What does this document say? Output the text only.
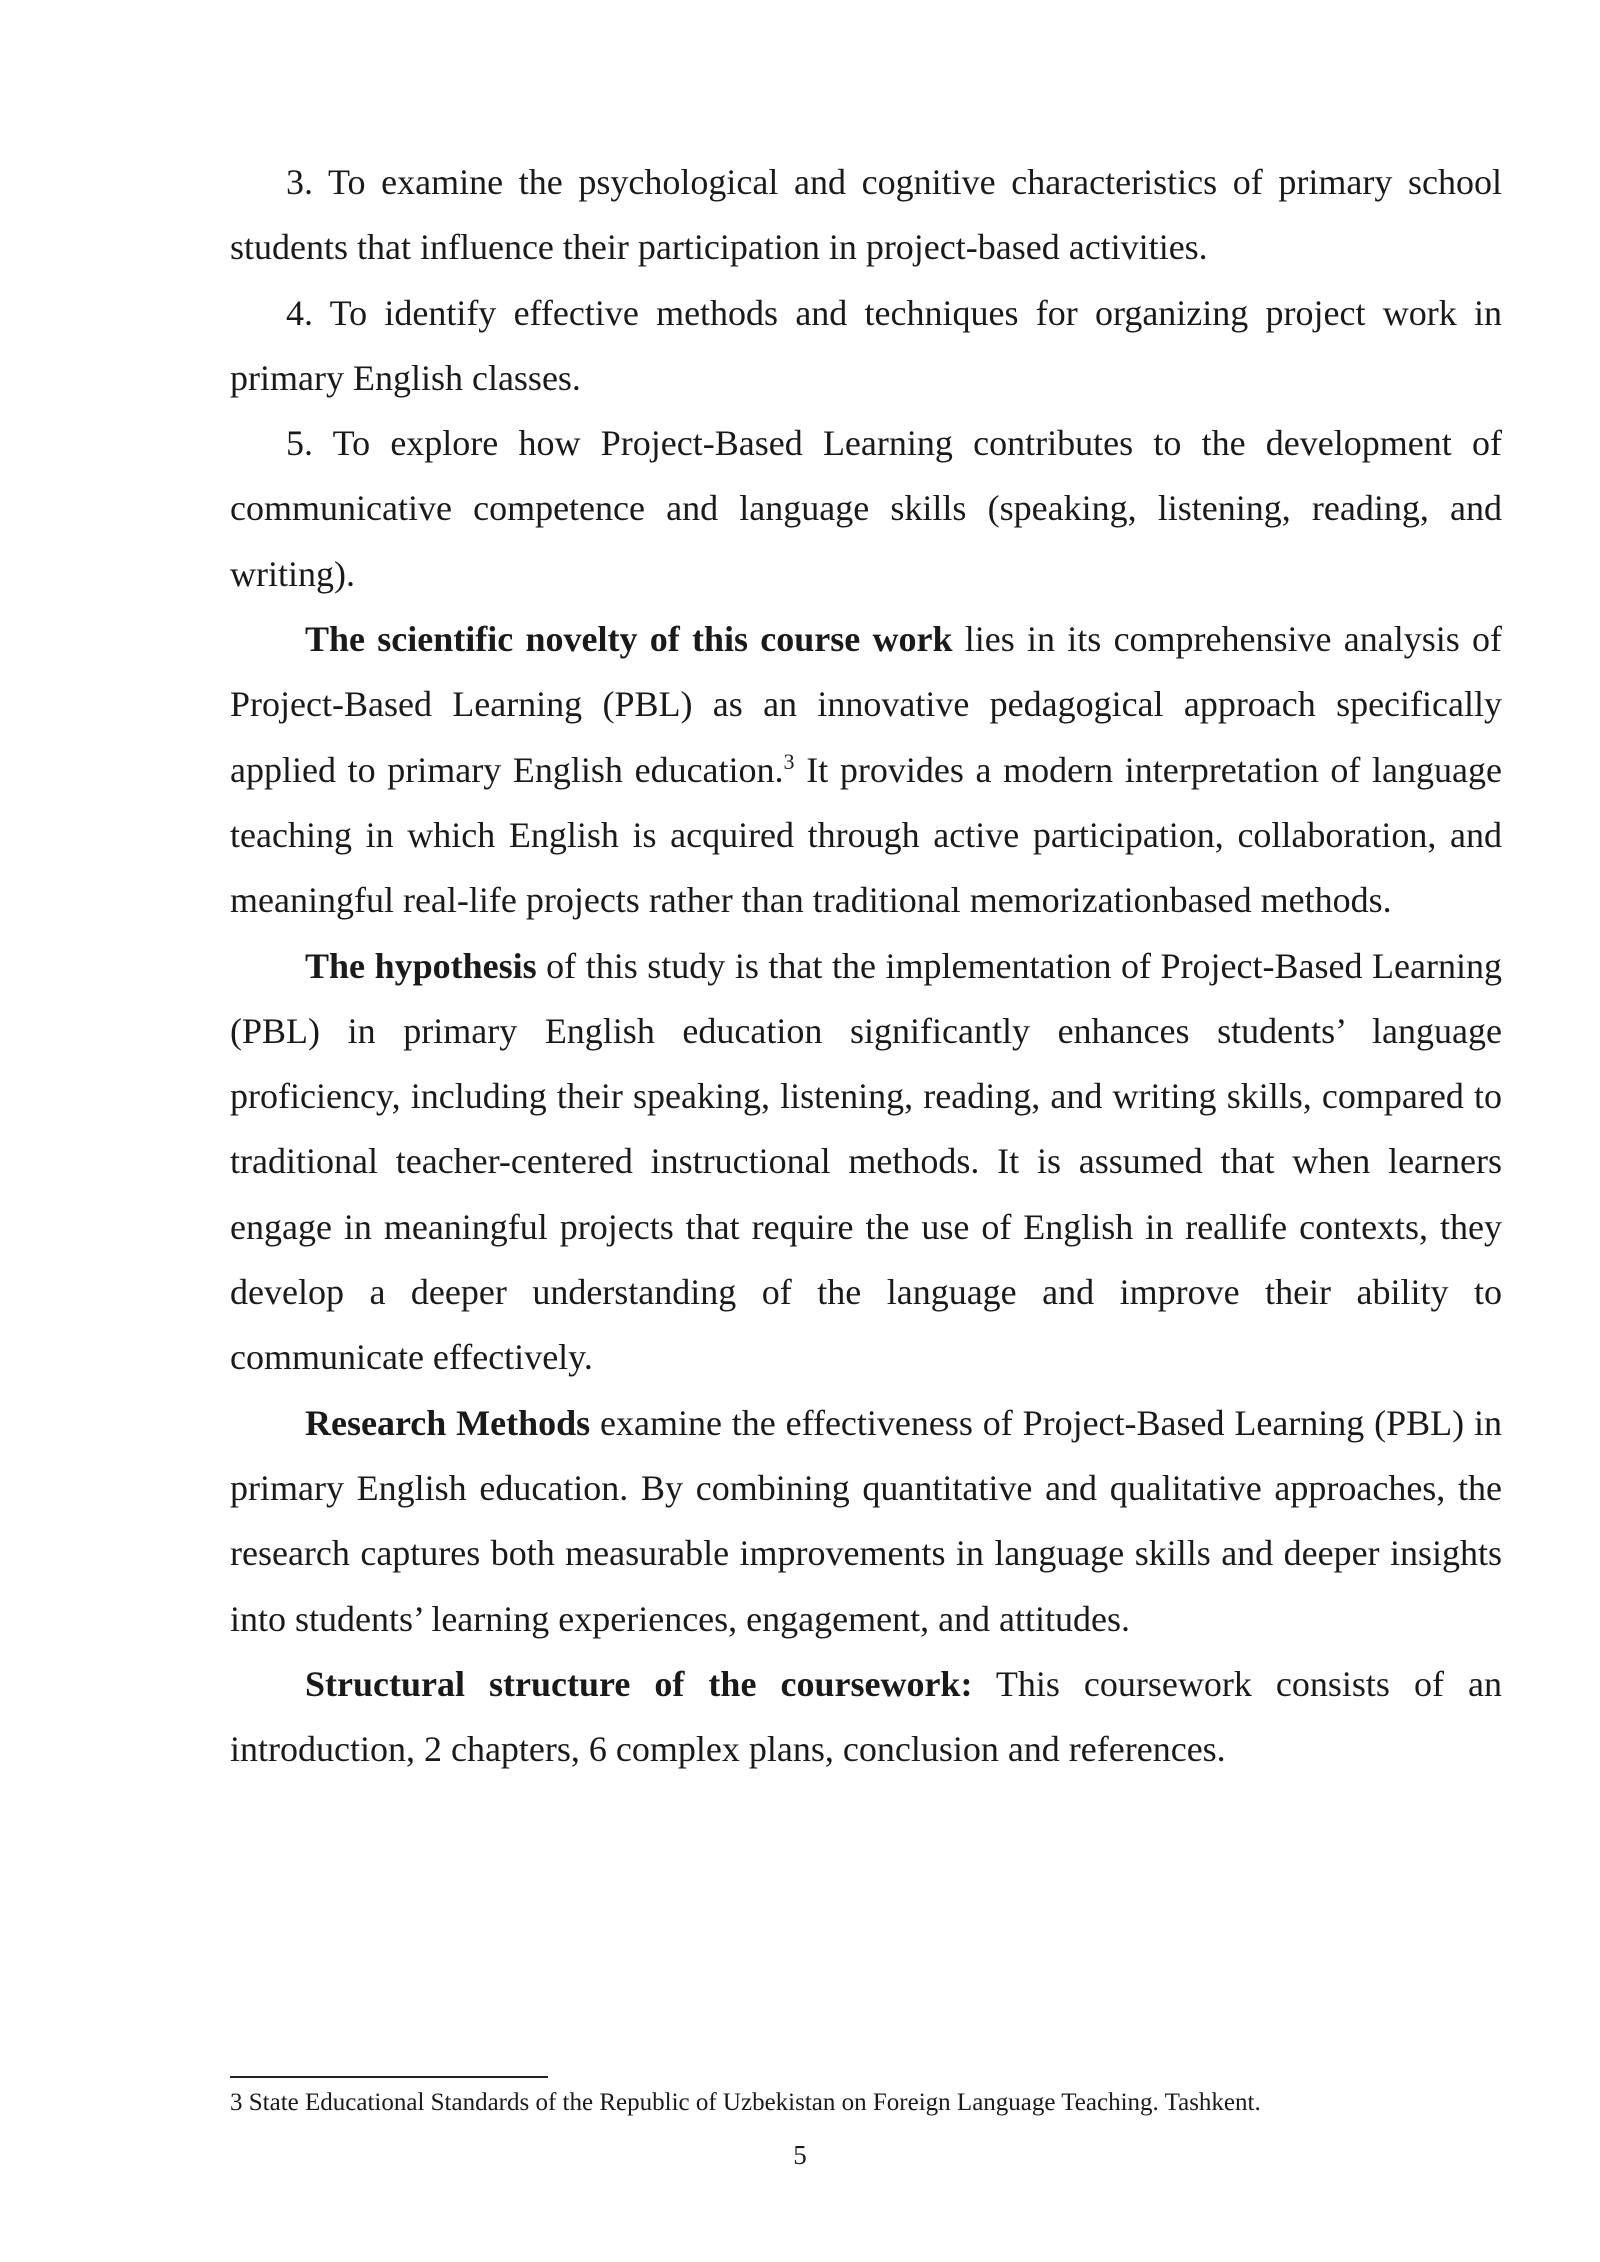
3. To examine the psychological and cognitive characteristics of primary school students that influence their participation in project-based activities.

4. To identify effective methods and techniques for organizing project work in primary English classes.

5. To explore how Project-Based Learning contributes to the development of communicative competence and language skills (speaking, listening, reading, and writing).

The scientific novelty of this course work lies in its comprehensive analysis of Project-Based Learning (PBL) as an innovative pedagogical approach specifically applied to primary English education.$^3$ It provides a modern interpretation of language teaching in which English is acquired through active participation, collaboration, and meaningful real-life projects rather than traditional memorizationbased methods.

The hypothesis of this study is that the implementation of Project-Based Learning (PBL) in primary English education significantly enhances students’ language proficiency, including their speaking, listening, reading, and writing skills, compared to traditional teacher-centered instructional methods. It is assumed that when learners engage in meaningful projects that require the use of English in reallife contexts, they develop a deeper understanding of the language and improve their ability to communicate effectively.

Research Methods examine the effectiveness of Project-Based Learning (PBL) in primary English education. By combining quantitative and qualitative approaches, the research captures both measurable improvements in language skills and deeper insights into students’ learning experiences, engagement, and attitudes.

Structural structure of the coursework: This coursework consists of an introduction, 2 chapters, 6 complex plans, conclusion and references.

3 State Educational Standards of the Republic of Uzbekistan on Foreign Language Teaching. Tashkent.
5
